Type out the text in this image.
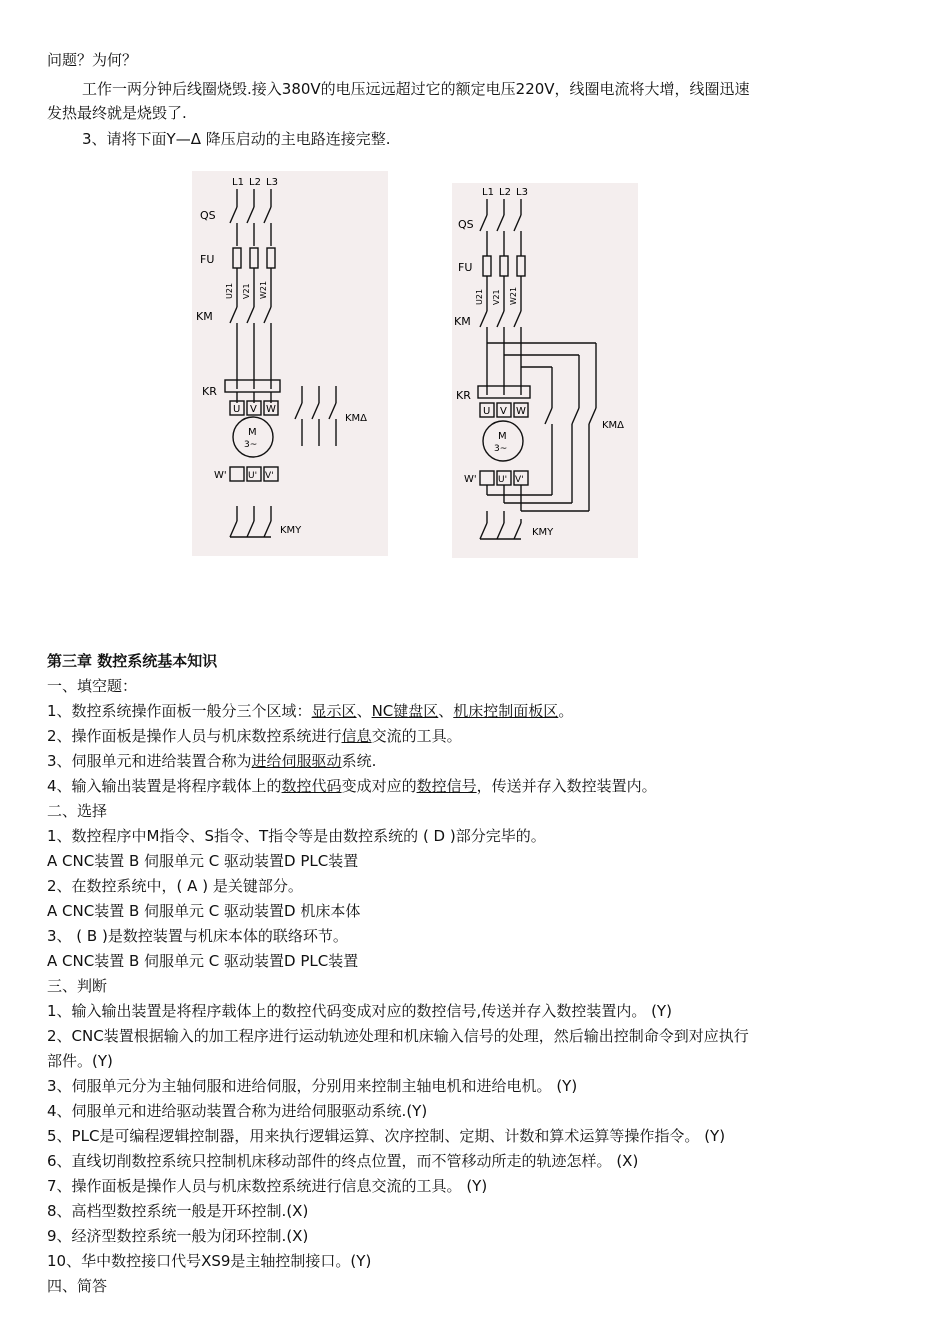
问题？为何？
工作一两分钟后线圈烧毁.接入380V的电压远远超过它的额定电压220V，线圈电流将大增，线圈迅速
发热最终就是烧毁了.
3、请将下面Y—Δ 降压启动的主电路连接完整.
L1 L2 L3
QS
FU
U21 V21 W21
KM
KR
U V W
M
3~
W' U' V'
KMΔ
KMY
L1 L2 L3
QS
FU
U21 V21 W21
KM
KR
U V W
M
3~
W' U' V'
KMΔ
KMY
第三章 数控系统基本知识
一、填空题：
1、数控系统操作面板一般分三个区域：显示区、NC键盘区、机床控制面板区。
2、操作面板是操作人员与机床数控系统进行信息交流的工具。
3、伺服单元和进给装置合称为进给伺服驱动系统.
4、输入输出装置是将程序载体上的数控代码变成对应的数控信号，传送并存入数控装置内。
二、选择
1、数控程序中M指令、S指令、T指令等是由数控系统的 ( D )部分完毕的。
A CNC装置 B 伺服单元 C 驱动装置D PLC装置
2、在数控系统中，( A ) 是关键部分。
A CNC装置 B 伺服单元 C 驱动装置D 机床本体
3、 ( B )是数控装置与机床本体的联络环节。
A CNC装置 B 伺服单元 C 驱动装置D PLC装置
三、判断
1、输入输出装置是将程序载体上的数控代码变成对应的数控信号,传送并存入数控装置内。 (Y)
2、CNC装置根据输入的加工程序进行运动轨迹处理和机床输入信号的处理，然后输出控制命令到对应执行
部件。(Y)
3、伺服单元分为主轴伺服和进给伺服，分别用来控制主轴电机和进给电机。 (Y)
4、伺服单元和进给驱动装置合称为进给伺服驱动系统.(Y)
5、PLC是可编程逻辑控制器，用来执行逻辑运算、次序控制、定期、计数和算术运算等操作指令。 (Y)
6、直线切削数控系统只控制机床移动部件的终点位置，而不管移动所走的轨迹怎样。 (X)
7、操作面板是操作人员与机床数控系统进行信息交流的工具。 (Y)
8、高档型数控系统一般是开环控制.(X)
9、经济型数控系统一般为闭环控制.(X)
10、华中数控接口代号XS9是主轴控制接口。(Y)
四、简答
